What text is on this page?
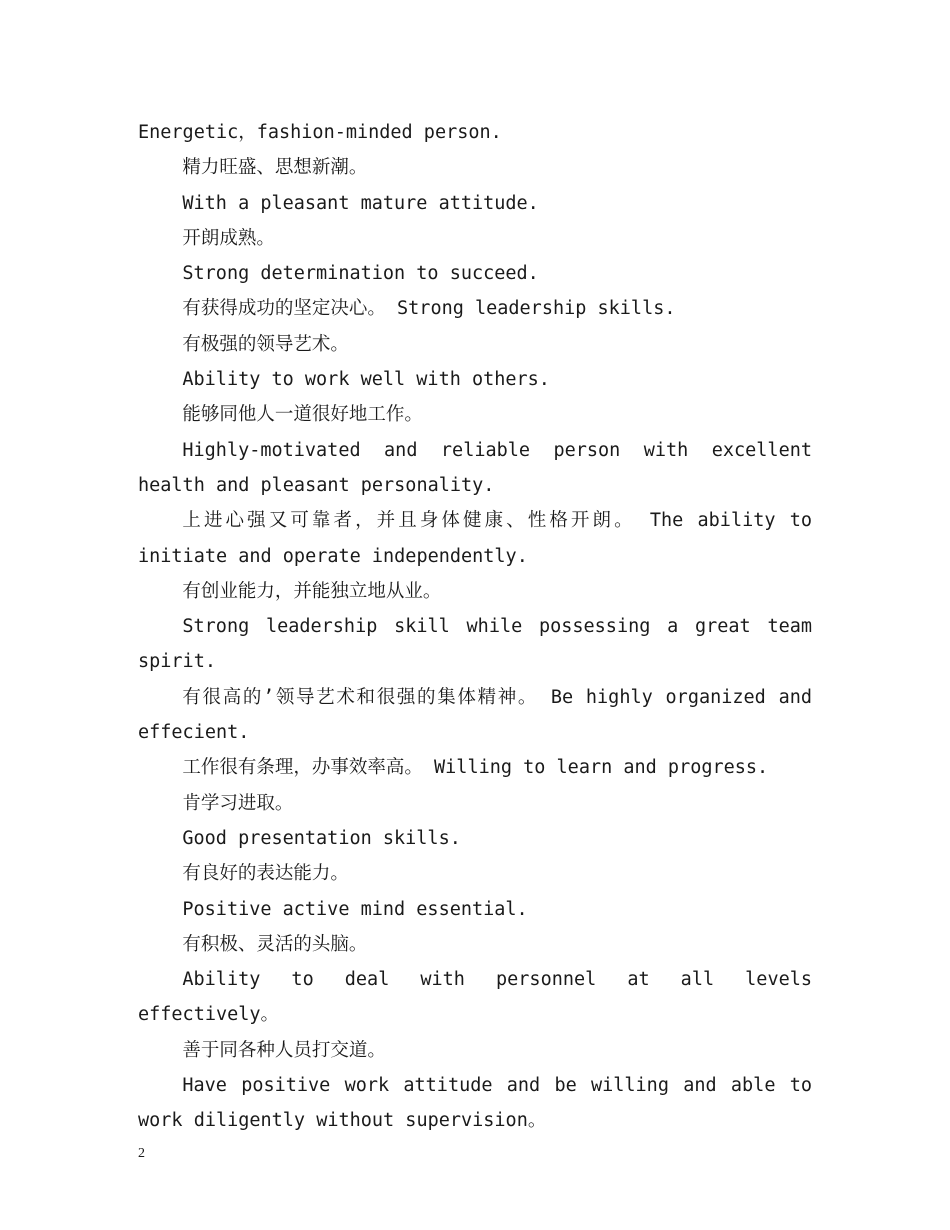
Energetic，fashion-minded person.

精力旺盛、思想新潮。

With a pleasant mature attitude.

开朗成熟。

Strong determination to succeed.

有获得成功的坚定决心。 Strong leadership skills.

有极强的领导艺术。

Ability to work well with others.

能够同他人一道很好地工作。

Highly-motivated and reliable person with excellent health and pleasant personality.

上进心强又可靠者，并且身体健康、性格开朗。 The ability to initiate and operate independently.

有创业能力，并能独立地从业。

Strong leadership skill while possessing a great team spirit.

有很高的’领导艺术和很强的集体精神。 Be highly organized and effecient.

工作很有条理，办事效率高。 Willing to learn and progress.

肯学习进取。

Good presentation skills.

有良好的表达能力。

Positive active mind essential.

有积极、灵活的头脑。

Ability to deal with personnel at all levels effectively。

善于同各种人员打交道。

Have positive work attitude and be willing and able to work diligently without supervision。

2
